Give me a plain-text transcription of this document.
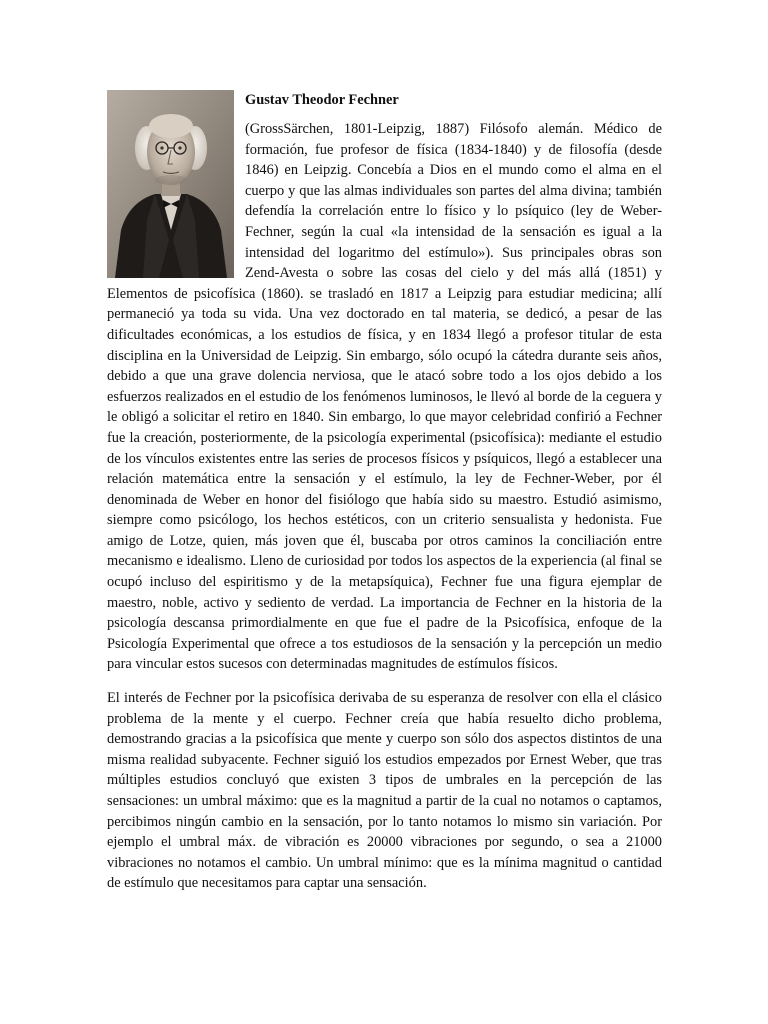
Gustav Theodor Fechner

(GrossSärchen, 1801-Leipzig, 1887) Filósofo alemán. Médico de formación, fue profesor de física (1834-1840) y de filosofía (desde 1846) en Leipzig. Concebía a Dios en el mundo como el alma en el cuerpo y que las almas individuales son partes del alma divina; también defendía la correlación entre lo físico y lo psíquico (ley de Weber-Fechner, según la cual «la intensidad de la sensación es igual a la intensidad del logaritmo del estímulo»). Sus principales obras son Zend-Avesta o sobre las cosas del cielo y del más allá (1851) y Elementos de psicofísica (1860). se trasladó en 1817 a Leipzig para estudiar medicina; allí permaneció ya toda su vida. Una vez doctorado en tal materia, se dedicó, a pesar de las dificultades económicas, a los estudios de física, y en 1834 llegó a profesor titular de esta disciplina en la Universidad de Leipzig. Sin embargo, sólo ocupó la cátedra durante seis años, debido a que una grave dolencia nerviosa, que le atacó sobre todo a los ojos debido a los esfuerzos realizados en el estudio de los fenómenos luminosos, le llevó al borde de la ceguera y le obligó a solicitar el retiro en 1840. Sin embargo, lo que mayor celebridad confirió a Fechner fue la creación, posteriormente, de la psicología experimental (psicofísica): mediante el estudio de los vínculos existentes entre las series de procesos físicos y psíquicos, llegó a establecer una relación matemática entre la sensación y el estímulo, la ley de Fechner-Weber, por él denominada de Weber en honor del fisiólogo que había sido su maestro. Estudió asimismo, siempre como psicólogo, los hechos estéticos, con un criterio sensualista y hedonista. Fue amigo de Lotze, quien, más joven que él, buscaba por otros caminos la conciliación entre mecanismo e idealismo. Lleno de curiosidad por todos los aspectos de la experiencia (al final se ocupó incluso del espiritismo y de la metapsíquica), Fechner fue una figura ejemplar de maestro, noble, activo y sediento de verdad. La importancia de Fechner en la historia de la psicología descansa primordialmente en que fue el padre de la Psicofísica, enfoque de la Psicología Experimental que ofrece a tos estudiosos de la sensación y la percepción un medio para vincular estos sucesos con determinadas magnitudes de estímulos físicos.

El interés de Fechner por la psicofísica derivaba de su esperanza de resolver con ella el clásico problema de la mente y el cuerpo. Fechner creía que había resuelto dicho problema, demostrando gracias a la psicofísica que mente y cuerpo son sólo dos aspectos distintos de una misma realidad subyacente. Fechner siguió los estudios empezados por Ernest Weber, que tras múltiples estudios concluyó que existen 3 tipos de umbrales en la percepción de las sensaciones: un umbral máximo: que es la magnitud a partir de la cual no notamos o captamos, percibimos ningún cambio en la sensación, por lo tanto notamos lo mismo sin variación. Por ejemplo el umbral máx. de vibración es 20000 vibraciones por segundo, o sea a 21000 vibraciones no notamos el cambio. Un umbral mínimo: que es la mínima magnitud o cantidad de estímulo que necesitamos para captar una sensación.
